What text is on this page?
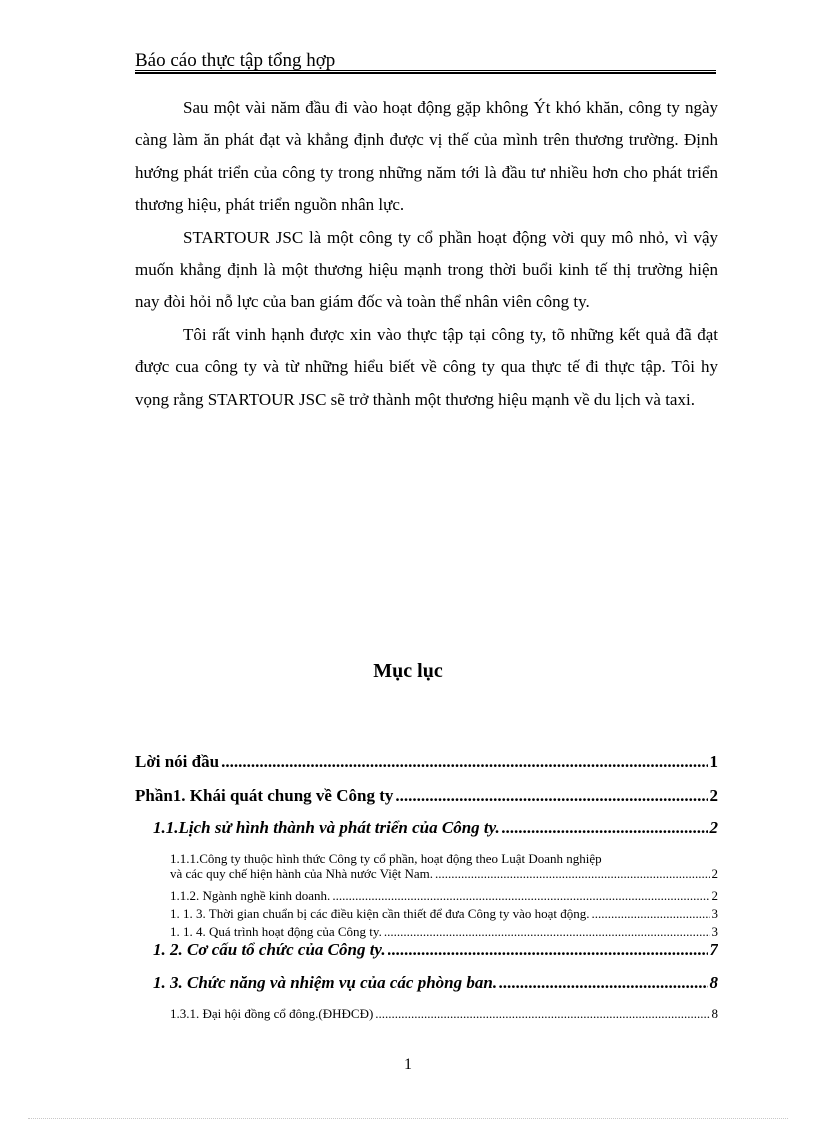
Báo cáo thực tập tổng hợp

Sau một vài năm đầu đi vào hoạt động gặp không Ýt khó khăn, công ty ngày càng làm ăn phát đạt và khẳng định được vị thế của mình trên thương trường. Định hướng phát triển của công ty trong những năm tới là đầu tư nhiều hơn cho phát triển thương hiệu, phát triển nguồn nhân lực.

STARTOUR JSC là một công ty cổ phần hoạt động vời quy mô nhỏ, vì vậy muốn khẳng định là một thương hiệu mạnh trong thời buổi kinh tế thị trường hiện nay đòi hỏi nỗ lực của ban giám đốc và toàn thể nhân viên công ty.

Tôi rất vinh hạnh được xin vào thực tập tại công ty, tõ những kết quả đã đạt được cua công ty và từ những hiểu biết về công ty qua thực tế đi thực tập. Tôi hy vọng rằng STARTOUR JSC sẽ trở thành một thương hiệu mạnh về du lịch và taxi.

Mục lục
Lời nói đầu .....	1
Phần1. Khái quát chung về Công ty .....	2
1.1.Lịch sử hình thành và phát triển của Công ty. .....	2
1.1.1.Công ty thuộc hình thức Công ty cổ phần, hoạt động theo Luật Doanh nghiệp
và các quy chế hiện hành của Nhà nước Việt Nam. .....	2
1.1.2. Ngành nghề kinh doanh. .....	2
1. 1. 3. Thời gian chuẩn bị các điều kiện cần thiết để đưa Công ty vào hoạt động. .....	3
1. 1. 4. Quá trình hoạt động của Công ty. .....	3
1. 2. Cơ cấu tổ chức của Công ty. .....	7
1. 3. Chức năng và nhiệm vụ của các phòng ban. .....	8
1.3.1. Đại hội đồng cổ đông.(ĐHĐCĐ) .....	8
1
